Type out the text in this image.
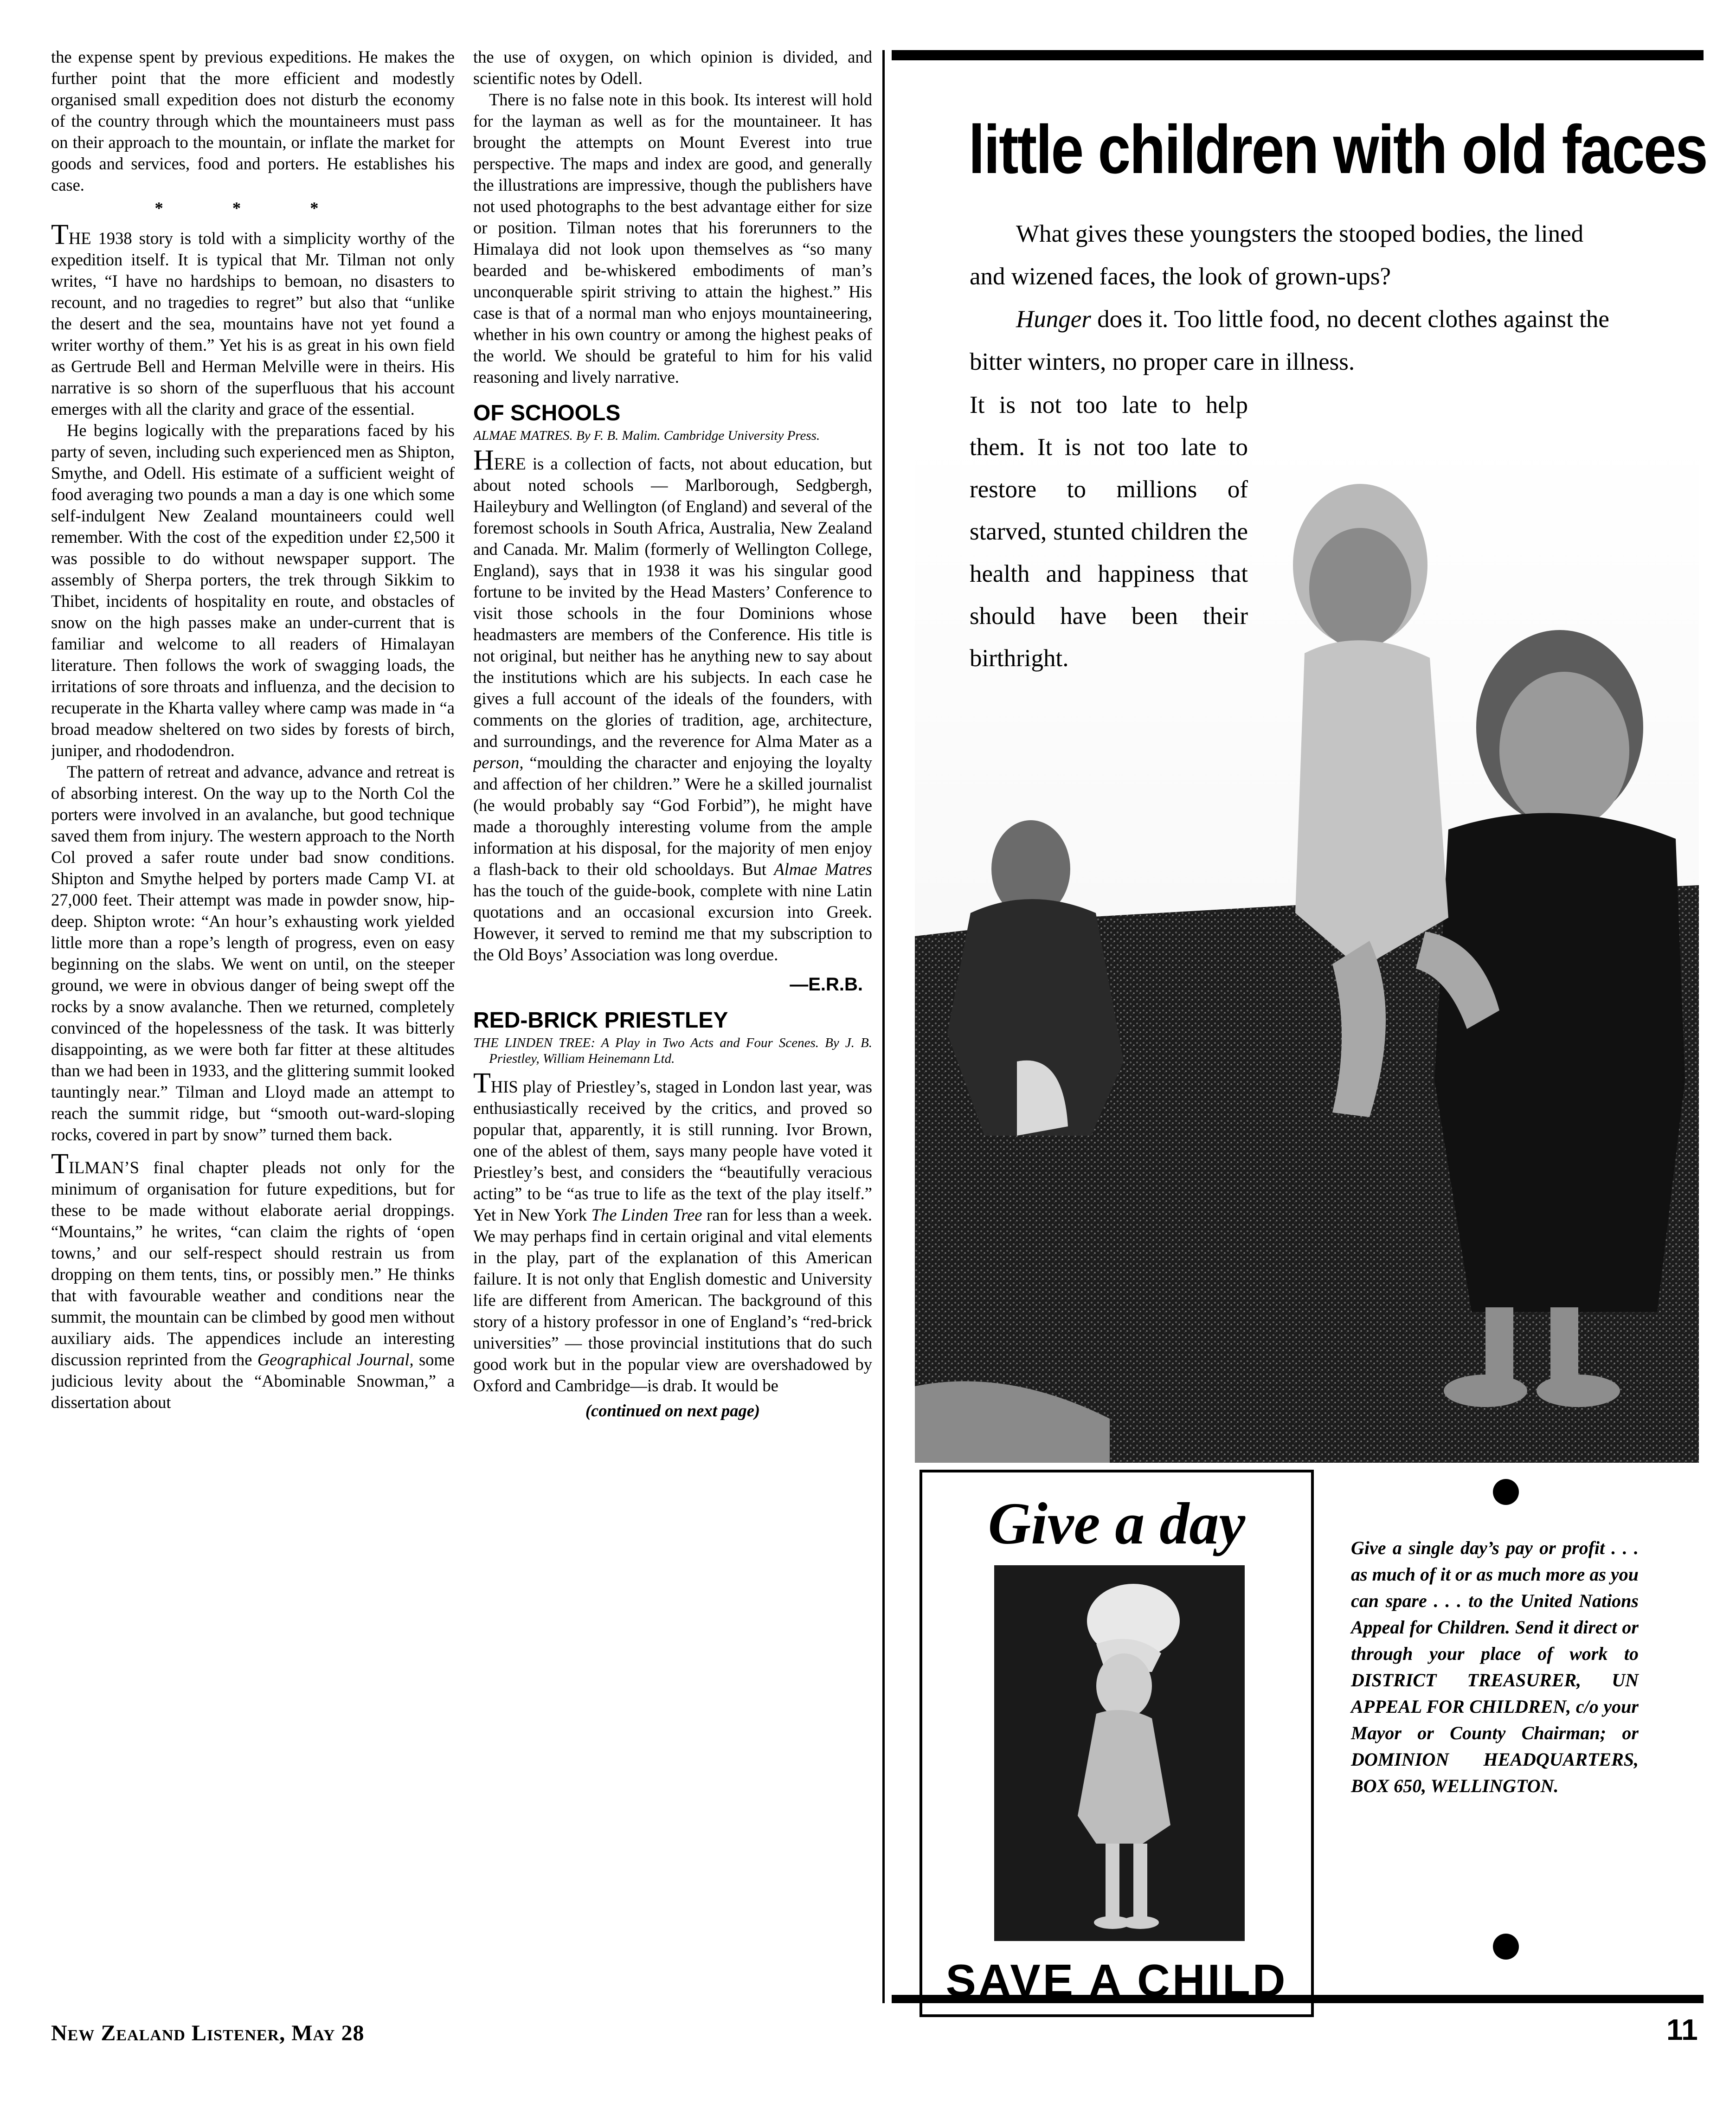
the expense spent by previous expeditions. He makes the further point that the more efficient and modestly organised small expedition does not disturb the economy of the country through which the mountaineers must pass on their approach to the mountain, or inflate the market for goods and services, food and porters. He establishes his case.

* * *

THE 1938 story is told with a simplicity worthy of the expedition itself. It is typical that Mr. Tilman not only writes, “I have no hardships to bemoan, no disasters to recount, and no tragedies to regret” but also that “unlike the desert and the sea, mountains have not yet found a writer worthy of them.” Yet his is as great in his own field as Gertrude Bell and Herman Melville were in theirs. His narrative is so shorn of the superfluous that his account emerges with all the clarity and grace of the essential.

He begins logically with the preparations faced by his party of seven, including such experienced men as Shipton, Smythe, and Odell. His estimate of a sufficient weight of food averaging two pounds a man a day is one which some self-indulgent New Zealand mountaineers could well remember. With the cost of the expedition under £2,500 it was possible to do without newspaper support. The assembly of Sherpa porters, the trek through Sikkim to Thibet, incidents of hospitality en route, and obstacles of snow on the high passes make an under-current that is familiar and welcome to all readers of Himalayan literature. Then follows the work of swagging loads, the irritations of sore throats and influenza, and the decision to recuperate in the Kharta valley where camp was made in “a broad meadow sheltered on two sides by forests of birch, juniper, and rhododendron.

The pattern of retreat and advance, advance and retreat is of absorbing interest. On the way up to the North Col the porters were involved in an avalanche, but good technique saved them from injury. The western approach to the North Col proved a safer route under bad snow conditions. Shipton and Smythe helped by porters made Camp VI. at 27,000 feet. Their attempt was made in powder snow, hip-deep. Shipton wrote: “An hour’s exhausting work yielded little more than a rope’s length of progress, even on easy beginning on the slabs. We went on until, on the steeper ground, we were in obvious danger of being swept off the rocks by a snow avalanche. Then we returned, completely convinced of the hopelessness of the task. It was bitterly disappointing, as we were both far fitter at these altitudes than we had been in 1933, and the glittering summit looked tauntingly near.” Tilman and Lloyd made an attempt to reach the summit ridge, but “smooth out-ward-sloping rocks, covered in part by snow” turned them back.

TILMAN’S final chapter pleads not only for the minimum of organisation for future expeditions, but for these to be made without elaborate aerial droppings. “Mountains,” he writes, “can claim the rights of ‘open towns,’ and our self-respect should restrain us from dropping on them tents, tins, or possibly men.” He thinks that with favourable weather and conditions near the summit, the mountain can be climbed by good men without auxiliary aids. The appendices include an interesting discussion reprinted from the Geographical Journal, some judicious levity about the “Abominable Snowman,” a dissertation about

the use of oxygen, on which opinion is divided, and scientific notes by Odell.

There is no false note in this book. Its interest will hold for the layman as well as for the mountaineer. It has brought the attempts on Mount Everest into true perspective. The maps and index are good, and generally the illustrations are impressive, though the publishers have not used photographs to the best advantage either for size or position. Tilman notes that his forerunners to the Himalaya did not look upon themselves as “so many bearded and be-whiskered embodiments of man’s unconquerable spirit striving to attain the highest.” His case is that of a normal man who enjoys mountaineering, whether in his own country or among the highest peaks of the world. We should be grateful to him for his valid reasoning and lively narrative.

OF SCHOOLS
ALMAE MATRES. By F. B. Malim. Cambridge University Press.

HERE is a collection of facts, not about education, but about noted schools — Marlborough, Sedgbergh, Haileybury and Wellington (of England) and several of the foremost schools in South Africa, Australia, New Zealand and Canada. Mr. Malim (formerly of Wellington College, England), says that in 1938 it was his singular good fortune to be invited by the Head Masters’ Conference to visit those schools in the four Dominions whose headmasters are members of the Conference. His title is not original, but neither has he anything new to say about the institutions which are his subjects. In each case he gives a full account of the ideals of the founders, with comments on the glories of tradition, age, architecture, and surroundings, and the reverence for Alma Mater as a person, “moulding the character and enjoying the loyalty and affection of her children.” Were he a skilled journalist (he would probably say “God Forbid”), he might have made a thoroughly interesting volume from the ample information at his disposal, for the majority of men enjoy a flash-back to their old schooldays. But Almae Matres has the touch of the guide-book, complete with nine Latin quotations and an occasional excursion into Greek. However, it served to remind me that my subscription to the Old Boys’ Association was long overdue.

—E.R.B.
RED-BRICK PRIESTLEY
THE LINDEN TREE: A Play in Two Acts and Four Scenes. By J. B. Priestley, William Heinemann Ltd.

THIS play of Priestley’s, staged in London last year, was enthusiastically received by the critics, and proved so popular that, apparently, it is still running. Ivor Brown, one of the ablest of them, says many people have voted it Priestley’s best, and considers the “beautifully veracious acting” to be “as true to life as the text of the play itself.” Yet in New York The Linden Tree ran for less than a week. We may perhaps find in certain original and vital elements in the play, part of the explanation of this American failure. It is not only that English domestic and University life are different from American. The background of this story of a history professor in one of England’s “red-brick universities” — those provincial institutions that do such good work but in the popular view are overshadowed by Oxford and Cambridge—is drab. It would be

(continued on next page)
little children with old faces

What gives these youngsters the stooped bodies, the lined and wizened faces, the look of grown-ups?

Hunger does it. Too little food, no decent clothes against the bitter winters, no proper care in illness.

It is not too late to help them. It is not too late to restore to millions of starved, stunted children the health and happiness that should have been their birthright.
Give a day
SAVE A CHILD
Give a single day’s pay or profit . . . as much of it or as much more as you can spare . . . to the United Nations Appeal for Children. Send it direct or through your place of work to DISTRICT TREASURER, UN APPEAL FOR CHILDREN, c/o your Mayor or County Chairman; or DOMINION HEADQUARTERS, BOX 650, WELLINGTON.
New Zealand Listener, May 28	11
